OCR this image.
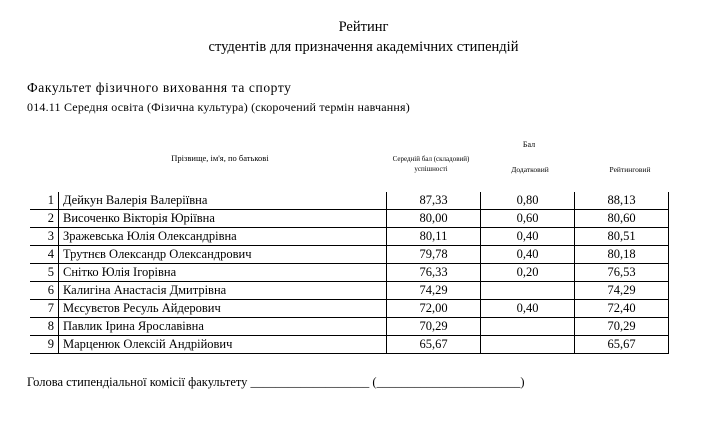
Рейтинг
студентів для призначення академічних стипендій
Факультет фізичного виховання та спорту
014.11 Середня освіта (Фізична культура) (скорочений термін навчання)
Бал
Прізвище, ім'я, по батькові	Середній бал (складовий) успішності	Додатковий	Рейтинговий
1	Дейкун Валерія Валеріївна	87,33	0,80	88,13
2	Височенко Вікторія Юріївна	80,00	0,60	80,60
3	Зражевська Юлія Олександрівна	80,11	0,40	80,51
4	Трутнєв Олександр Олександрович	79,78	0,40	80,18
5	Снітко Юлія Ігорівна	76,33	0,20	76,53
6	Калигіна Анастасія Дмитрівна	74,29		74,29
7	Мєсувєтов Ресуль Айдерович	72,00	0,40	72,40
8	Павлик Ірина Ярославівна	70,29		70,29
9	Марценюк Олексій Андрійович	65,67		65,67
Голова стипендіальної комісії факультету ___________________ (_______________________)
